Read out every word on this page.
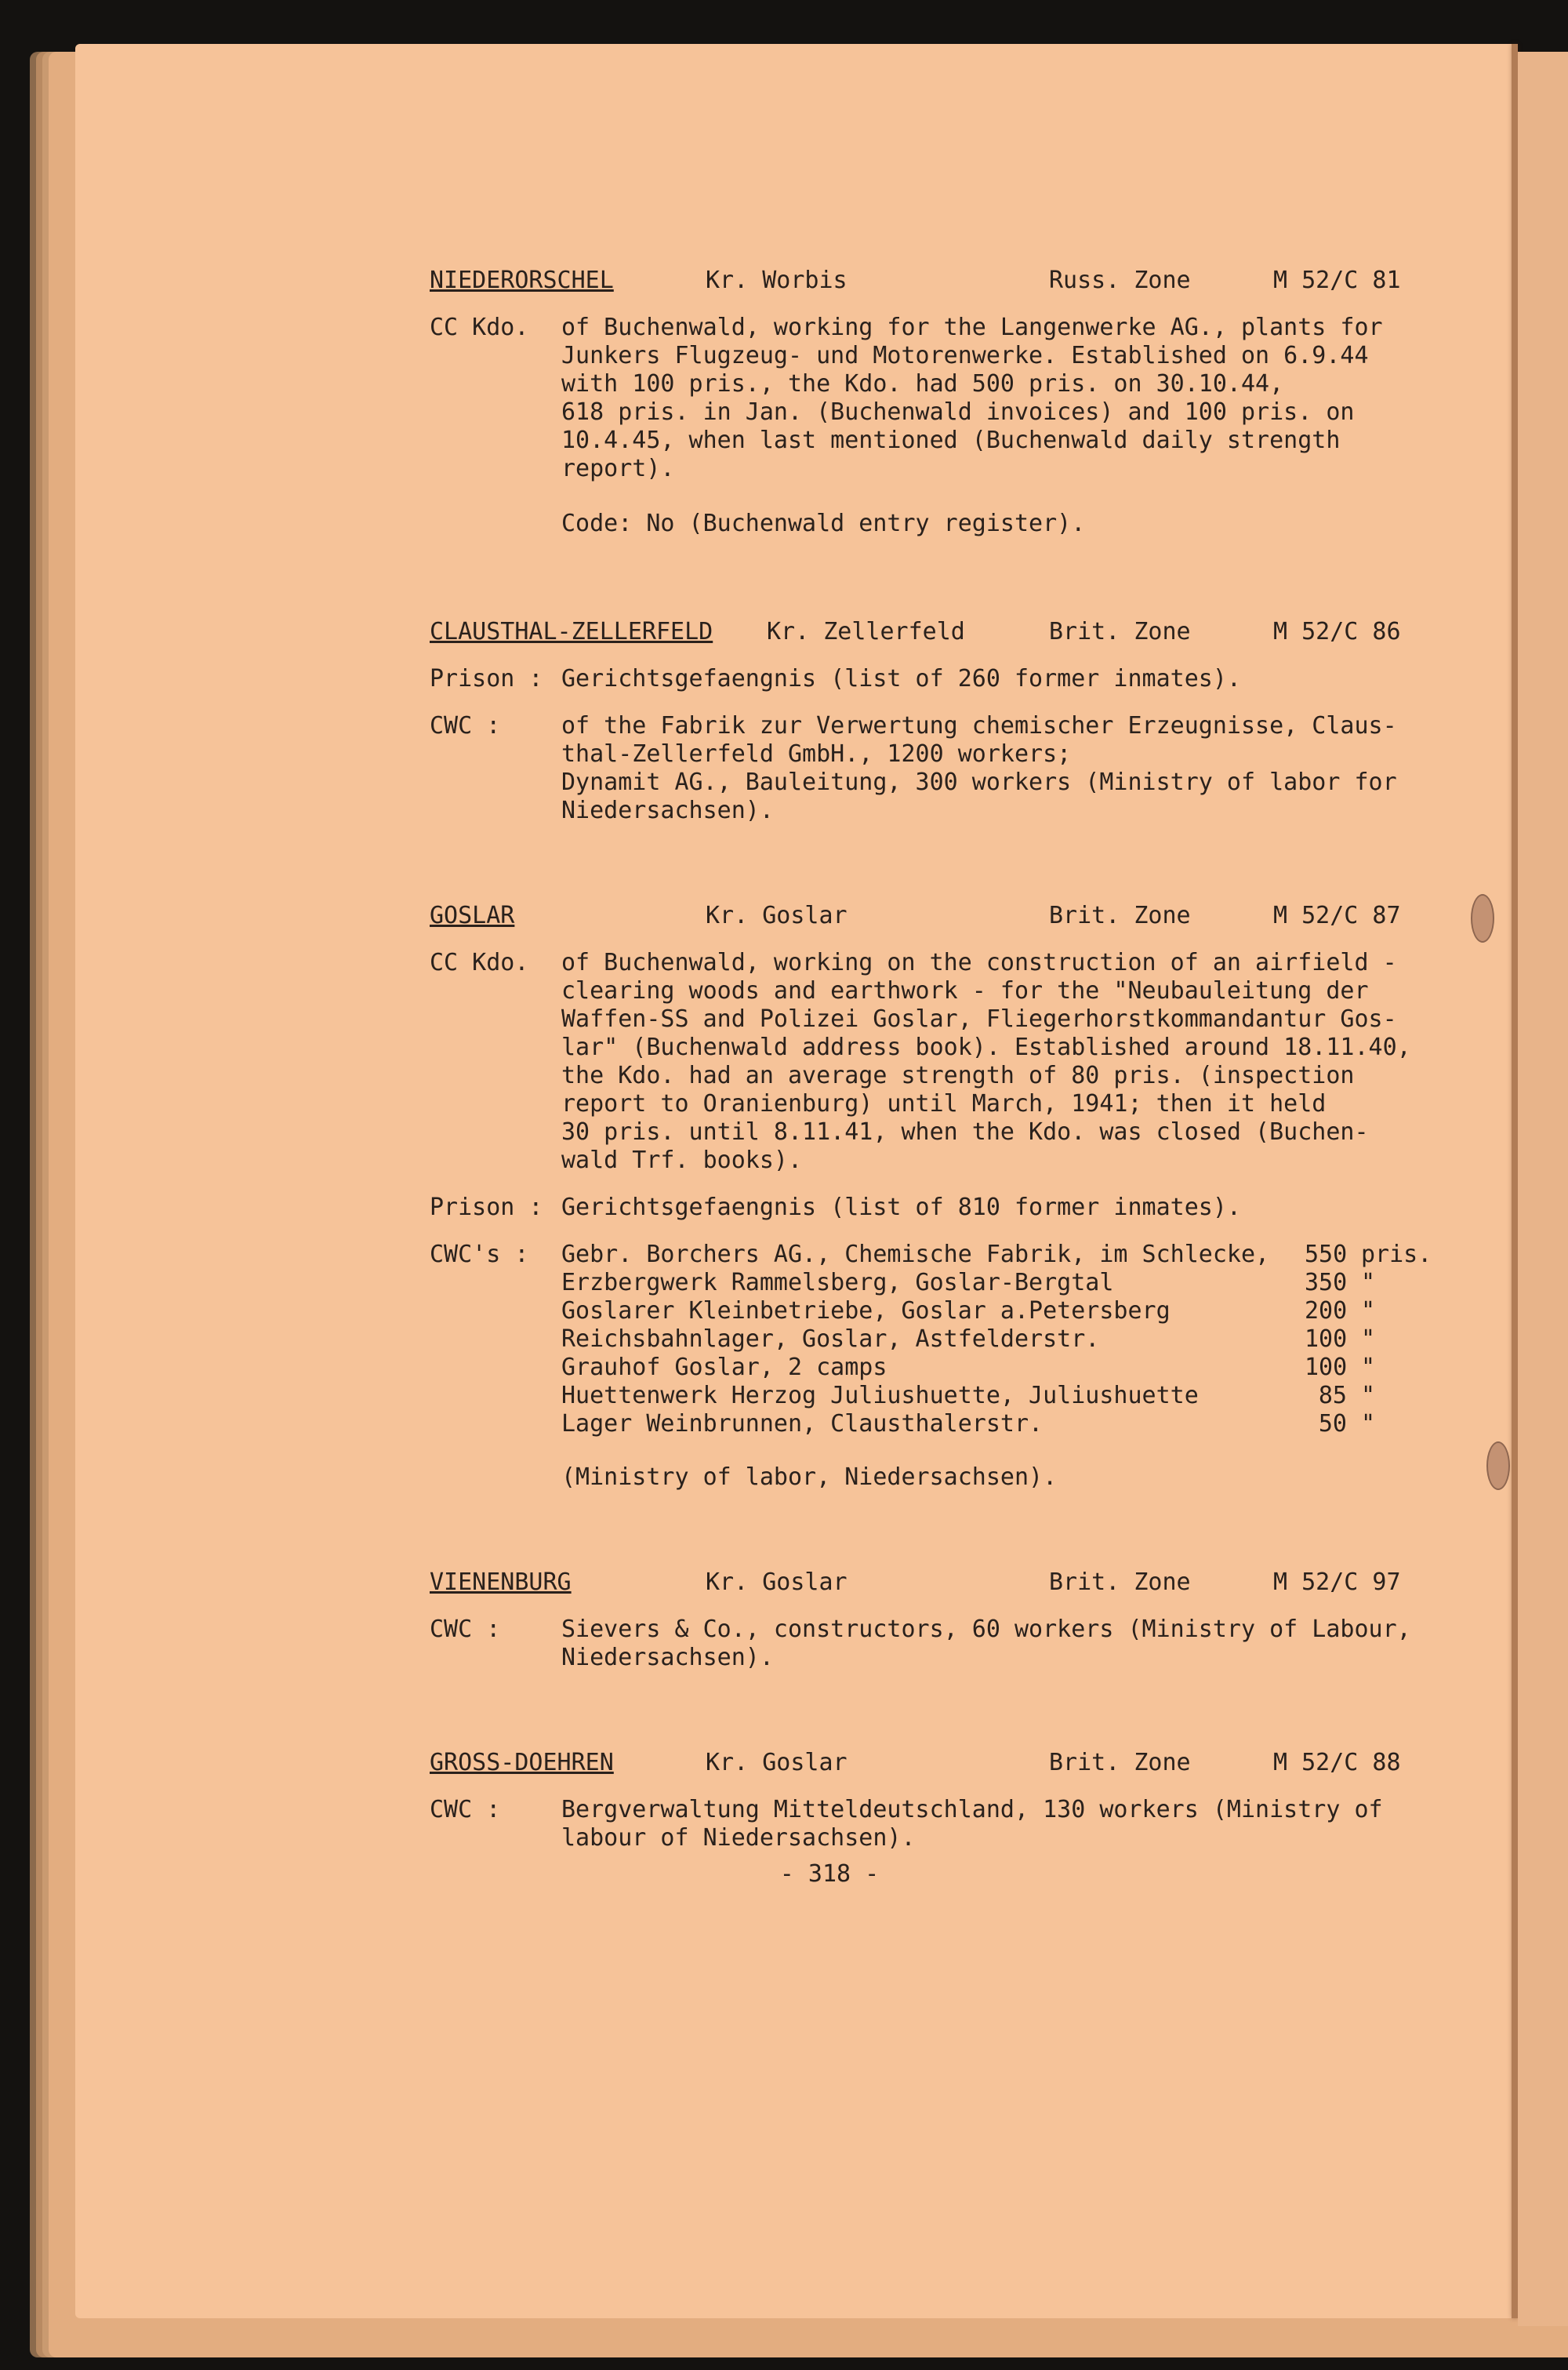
NIEDERORSCHEL	Kr. Worbis	Russ. Zone	M 52/C 81
CC Kdo. of Buchenwald, working for the Langenwerke AG., plants for
Junkers Flugzeug- und Motorenwerke. Established on 6.9.44
with 100 pris., the Kdo. had 500 pris. on 30.10.44,
618 pris. in Jan. (Buchenwald invoices) and 100 pris. on
10.4.45, when last mentioned (Buchenwald daily strength
report).
Code: No (Buchenwald entry register).
CLAUSTHAL-ZELLERFELD Kr. Zellerfeld	Brit. Zone	M 52/C 86
Prison : Gerichtsgefaengnis (list of 260 former inmates).
CWC :	of the Fabrik zur Verwertung chemischer Erzeugnisse, Claus-
thal-Zellerfeld GmbH., 1200 workers;
Dynamit AG., Bauleitung, 300 workers (Ministry of labor for
Niedersachsen).
GOSLAR	Kr. Goslar	Brit. Zone	M 52/C 87
CC Kdo. of Buchenwald, working on the construction of an airfield -
clearing woods and earthwork - for the "Neubauleitung der
Waffen-SS and Polizei Goslar, Fliegerhorstkommandantur Gos-
lar" (Buchenwald address book). Established around 18.11.40,
the Kdo. had an average strength of 80 pris. (inspection
report to Oranienburg) until March, 1941; then it held
30 pris. until 8.11.41, when the Kdo. was closed (Buchen-
wald Trf. books).
Prison : Gerichtsgefaengnis (list of 810 former inmates).
CWC's : Gebr. Borchers AG., Chemische Fabrik, im Schlecke, 550 pris.
Erzbergwerk Rammelsberg, Goslar-Bergtal	350 "
Goslarer Kleinbetriebe, Goslar a.Petersberg	200 "
Reichsbahnlager, Goslar, Astfelderstr.	100 "
Grauhof Goslar, 2 camps	100 "
Huettenwerk Herzog Juliushuette, Juliushuette	85 "
Lager Weinbrunnen, Clausthalerstr.	50 "
(Ministry of labor, Niedersachsen).
VIENENBURG	Kr. Goslar	Brit. Zone	M 52/C 97
CWC :	Sievers & Co., constructors, 60 workers (Ministry of Labour,
Niedersachsen).
GROSS-DOEHREN	Kr. Goslar	Brit. Zone	M 52/C 88
CWC :	Bergverwaltung Mitteldeutschland, 130 workers (Ministry of
labour of Niedersachsen).
- 318 -
